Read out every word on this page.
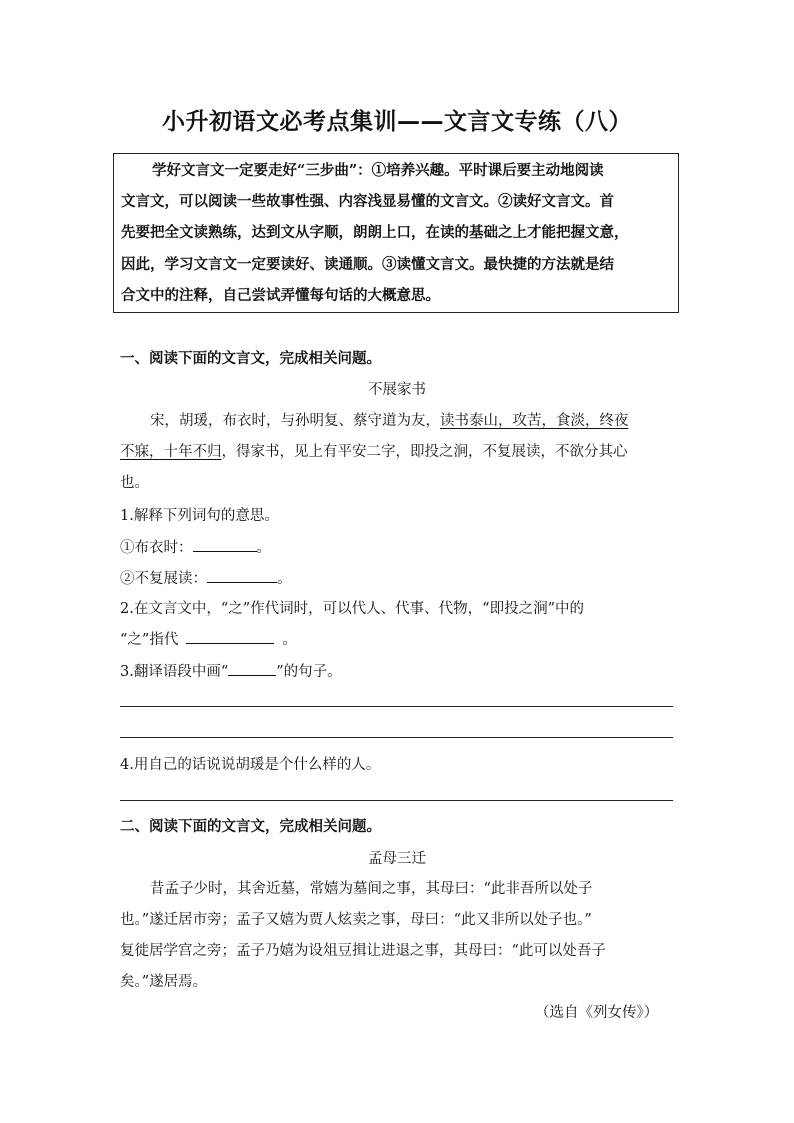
小升初语文必考点集训——文言文专练（八）
学好文言文一定要走好“三步曲”：①培养兴趣。平时课后要主动地阅读
文言文，可以阅读一些故事性强、内容浅显易懂的文言文。②读好文言文。首
先要把全文读熟练，达到文从字顺，朗朗上口，在读的基础之上才能把握文意，
因此，学习文言文一定要读好、读通顺。③读懂文言文。最快捷的方法就是结
合文中的注释，自己尝试弄懂每句话的大概意思。
一、阅读下面的文言文，完成相关问题。
不展家书
宋，胡瑗，布衣时，与孙明复、蔡守道为友，读书泰山，攻苦，食淡，终夜
不寐，十年不归，得家书，见上有平安二字，即投之涧，不复展读，不欲分其心
也。
1.解释下列词句的意思。
①布衣时：	。
②不复展读：	。
2.在文言文中，“之”作代词时，可以代人、代事、代物，“即投之涧”中的
“之”指代	。
3.翻译语段中画“	”的句子。
4.用自己的话说说胡瑗是个什么样的人。
二、阅读下面的文言文，完成相关问题。
孟母三迁
昔孟子少时，其舍近墓，常嬉为墓间之事，其母曰：“此非吾所以处子
也。”遂迁居市旁；孟子又嬉为贾人炫卖之事，母曰：“此又非所以处子也。”
复徙居学宫之旁；孟子乃嬉为设俎豆揖让进退之事，其母曰：“此可以处吾子
矣。”遂居焉。
（选自《列女传》）
